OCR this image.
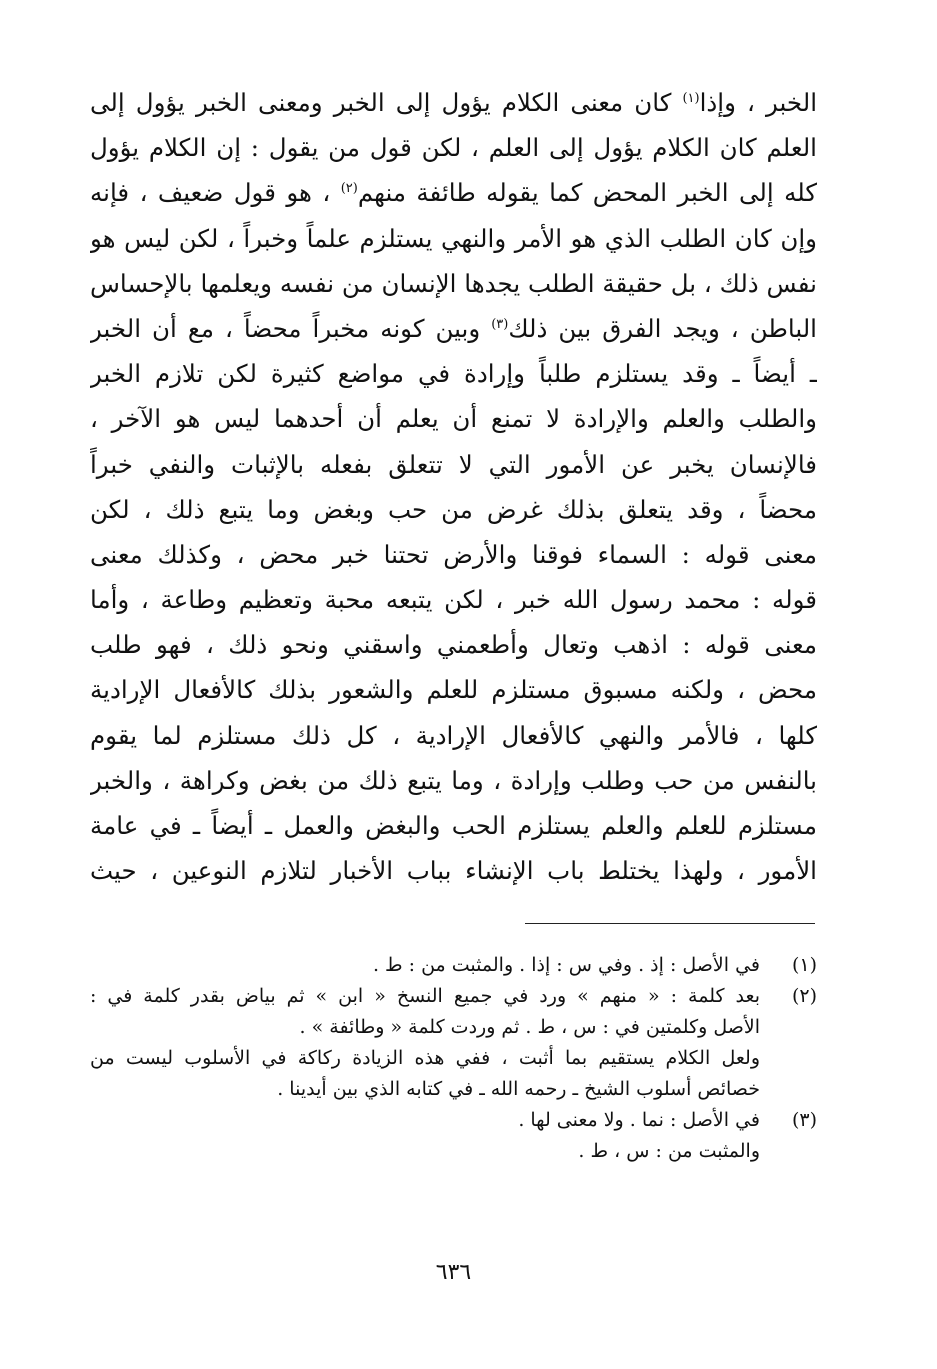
الخبر ، وإذا$^{(١)}$ كان معنى الكلام يؤول إلى الخبر ومعنى الخبر يؤول إلى
العلم كان الكلام يؤول إلى العلم ، لكن قول من يقول : إن الكلام يؤول
كله إلى الخبر المحض كما يقوله طائفة منهم$^{(٢)}$ ، هو قول ضعيف ، فإنه
وإن كان الطلب الذي هو الأمر والنهي يستلزم علماً وخبراً ، لكن ليس هو
نفس ذلك ، بل حقيقة الطلب يجدها الإنسان من نفسه ويعلمها بالإحساس
الباطن ، ويجد الفرق بين ذلك$^{(٣)}$ وبين كونه مخبراً محضاً ، مع أن الخبر
ـ أيضاً ـ وقد يستلزم طلباً وإرادة في مواضع كثيرة لكن تلازم الخبر
والطلب والعلم والإرادة لا تمنع أن يعلم أن أحدهما ليس هو الآخر ،
فالإنسان يخبر عن الأمور التي لا تتعلق بفعله بالإثبات والنفي خبراً
محضاً ، وقد يتعلق بذلك غرض من حب وبغض وما يتبع ذلك ، لكن
معنى قوله : السماء فوقنا والأرض تحتنا خبر محض ، وكذلك معنى
قوله : محمد رسول الله خبر ، لكن يتبعه محبة وتعظيم وطاعة ، وأما
معنى قوله : اذهب وتعال وأطعمني واسقني ونحو ذلك ، فهو طلب
محض ، ولكنه مسبوق مستلزم للعلم والشعور بذلك كالأفعال الإرادية
كلها ، فالأمر والنهي كالأفعال الإرادية ، كل ذلك مستلزم لما يقوم
بالنفس من حب وطلب وإرادة ، وما يتبع ذلك من بغض وكراهة ، والخبر
مستلزم للعلم والعلم يستلزم الحب والبغض والعمل ـ أيضاً ـ في عامة
الأمور ، ولهذا يختلط باب الإنشاء بباب الأخبار لتلازم النوعين ، حيث
(١)
في الأصل : إذ . وفي س : إذا . والمثبت من : ط .
(٢)
بعد كلمة : « منهم » ورد في جميع النسخ « ابن » ثم بياض بقدر كلمة في :
الأصل وكلمتين في : س ، ط . ثم وردت كلمة « وطائفة » .
ولعل الكلام يستقيم بما أثبت ، ففي هذه الزيادة ركاكة في الأسلوب ليست من
خصائص أسلوب الشيخ ـ رحمه الله ـ في كتابه الذي بين أيدينا .
(٣)
في الأصل : نما . ولا معنى لها .
والمثبت من : س ، ط .
٦٣٦
